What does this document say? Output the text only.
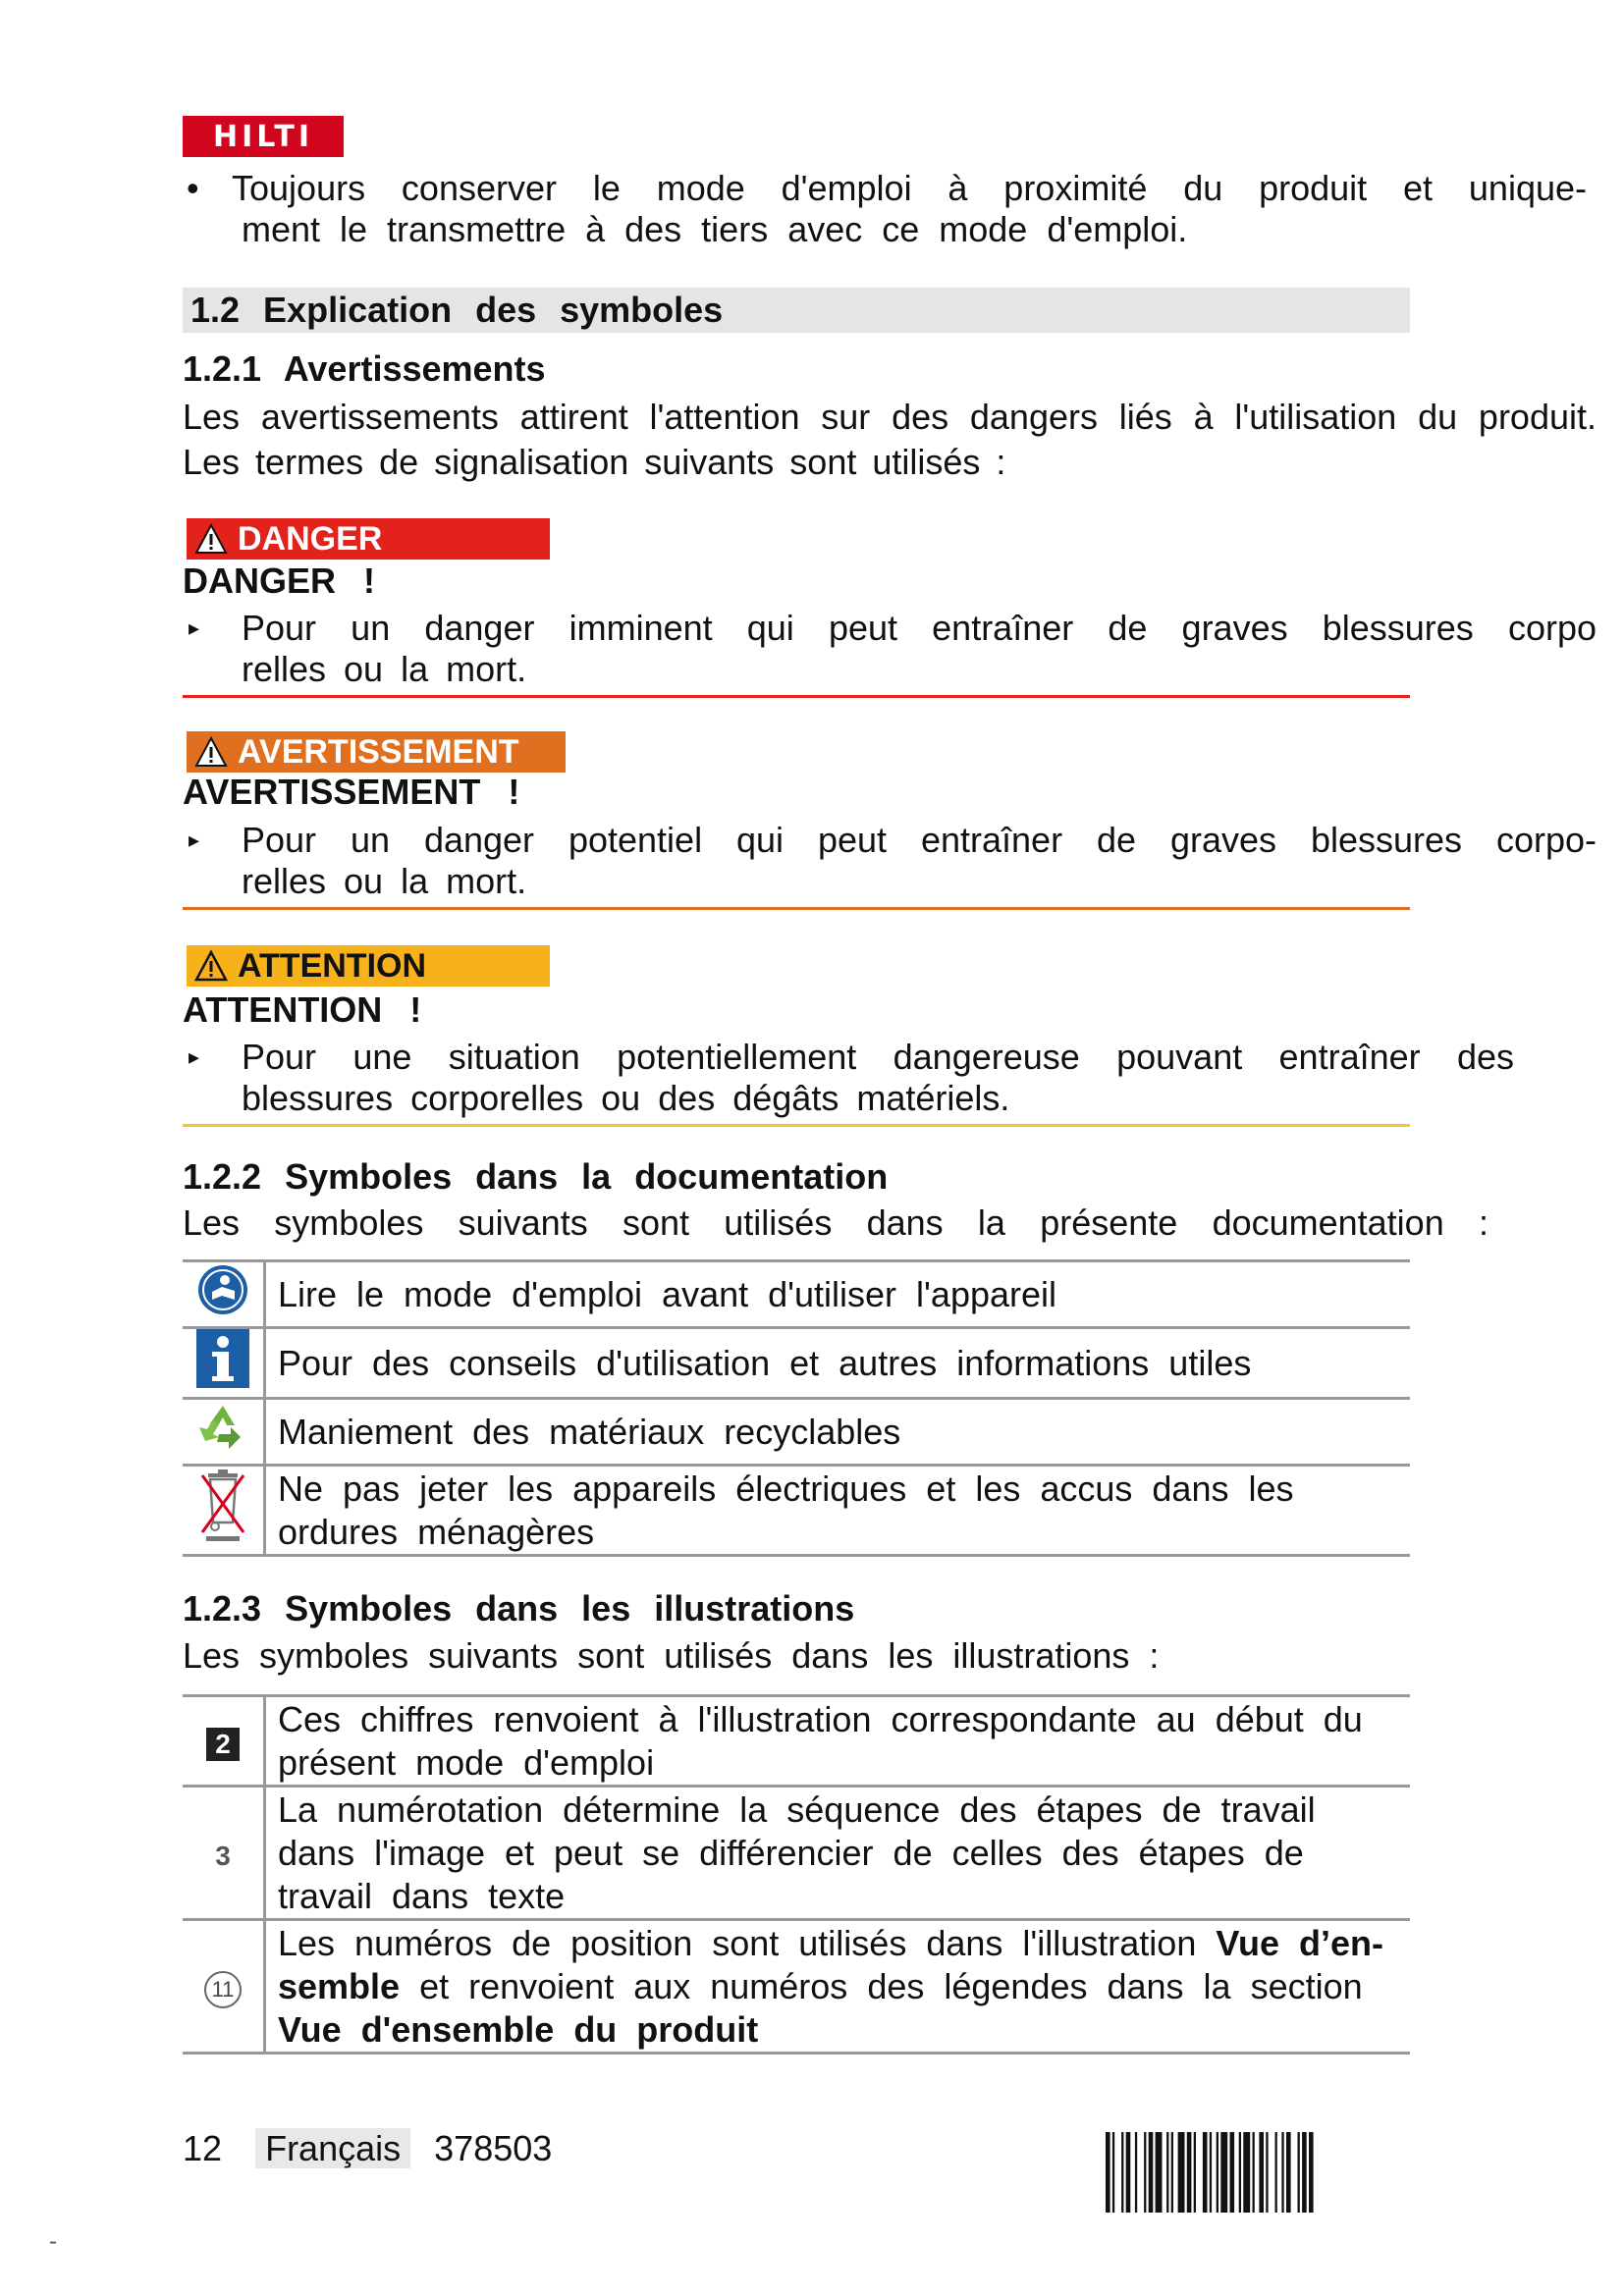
HILTI
• Toujours conserver le mode d'emploi à proximité du produit et unique-
ment le transmettre à des tiers avec ce mode d'emploi.
1.2 Explication des symboles
1.2.1 Avertissements
Les avertissements attirent l'attention sur des dangers liés à l'utilisation du produit. Les termes de signalisation suivants sont utilisés :
DANGER
DANGER !
▸ Pour un danger imminent qui peut entraîner de graves blessures corpo
relles ou la mort.
AVERTISSEMENT
AVERTISSEMENT !
▸ Pour un danger potentiel qui peut entraîner de graves blessures corpo-
relles ou la mort.
ATTENTION
ATTENTION !
▸ Pour une situation potentiellement dangereuse pouvant entraîner des
blessures corporelles ou des dégâts matériels.
1.2.2 Symboles dans la documentation
Les symboles suivants sont utilisés dans la présente documentation :
	Lire le mode d'emploi avant d'utiliser l'appareil
	Pour des conseils d'utilisation et autres informations utiles
	Maniement des matériaux recyclables
	Ne pas jeter les appareils électriques et les accus dans les ordures ménagères
1.2.3 Symboles dans les illustrations
Les symboles suivants sont utilisés dans les illustrations :
2	Ces chiffres renvoient à l'illustration correspondante au début du présent mode d'emploi
3	La numérotation détermine la séquence des étapes de travail dans l'image et peut se différencier de celles des étapes de travail dans texte
11	Les numéros de position sont utilisés dans l'illustration Vue d’en-semble et renvoient aux numéros des légendes dans la section Vue d'ensemble du produit
12 Français 378503
-
